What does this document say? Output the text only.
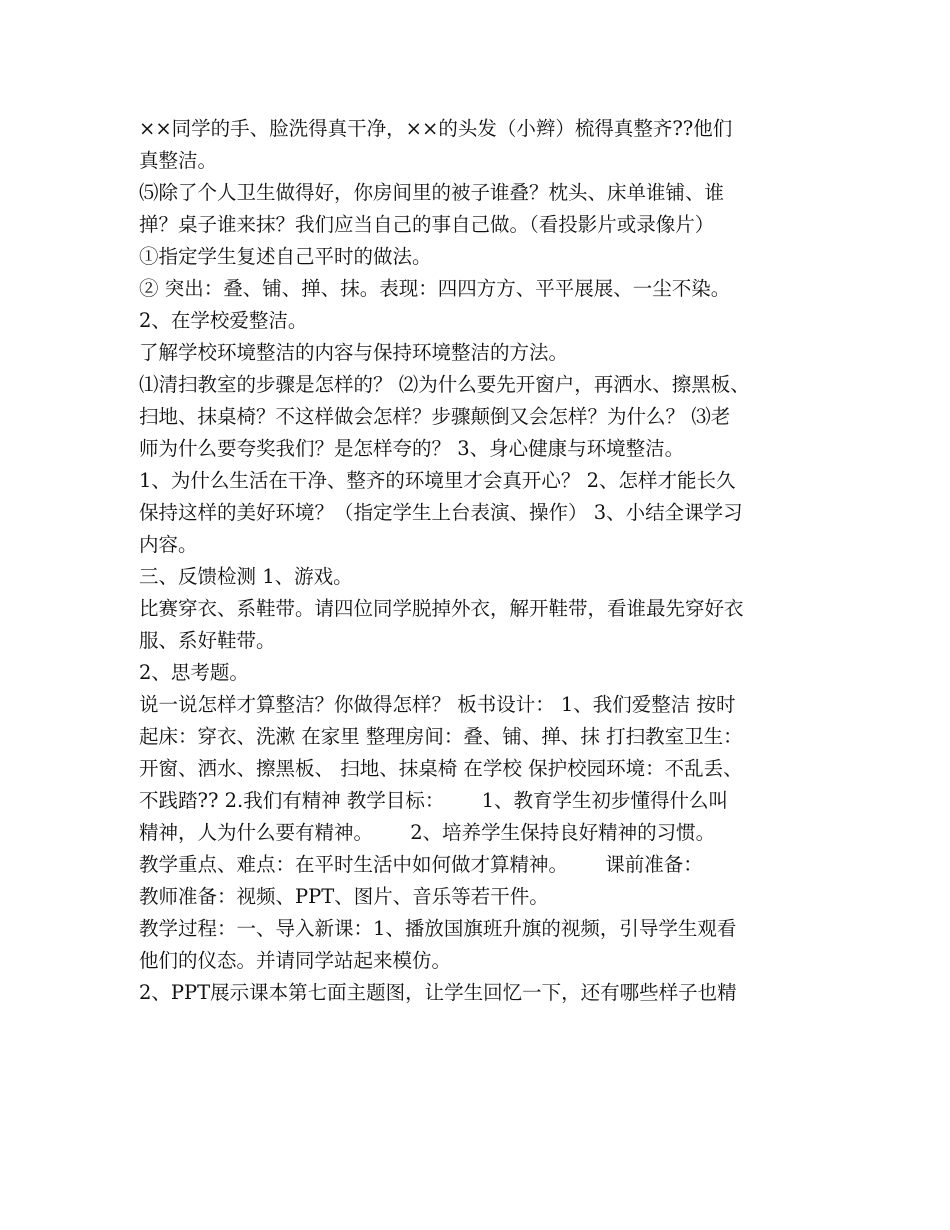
××同学的手、脸洗得真干净，××的头发（小辫）梳得真整齐??他们
真整洁。
⑸除了个人卫生做得好，你房间里的被子谁叠？枕头、床单谁铺、谁
掸？桌子谁来抹？我们应当自己的事自己做。（看投影片或录像片）
①指定学生复述自己平时的做法。
② 突出：叠、铺、掸、抹。表现：四四方方、平平展展、一尘不染。
2、在学校爱整洁。
了解学校环境整洁的内容与保持环境整洁的方法。
⑴清扫教室的步骤是怎样的？ ⑵为什么要先开窗户，再洒水、擦黑板、
扫地、抹桌椅？不这样做会怎样？步骤颠倒又会怎样？为什么？ ⑶老
师为什么要夸奖我们？是怎样夸的？ 3、身心健康与环境整洁。
1、为什么生活在干净、整齐的环境里才会真开心？ 2、怎样才能长久
保持这样的美好环境？（指定学生上台表演、操作） 3、小结全课学习
内容。
三、反馈检测 1、游戏。
比赛穿衣、系鞋带。请四位同学脱掉外衣，解开鞋带，看谁最先穿好衣
服、系好鞋带。
2、思考题。
说一说怎样才算整洁？你做得怎样？ 板书设计： 1、我们爱整洁 按时
起床：穿衣、洗漱 在家里 整理房间：叠、铺、掸、抹 打扫教室卫生：
开窗、洒水、擦黑板、 扫地、抹桌椅 在学校 保护校园环境：不乱丢、
不践踏?? 2.我们有精神 教学目标：      1、教育学生初步懂得什么叫
精神，人为什么要有精神。      2、培养学生保持良好精神的习惯。
教学重点、难点：在平时生活中如何做才算精神。      课前准备：
教师准备：视频、PPT、图片、音乐等若干件。
教学过程：一、导入新课：1、播放国旗班升旗的视频，引导学生观看
他们的仪态。并请同学站起来模仿。
2、PPT展示课本第七面主题图，让学生回忆一下，还有哪些样子也精
